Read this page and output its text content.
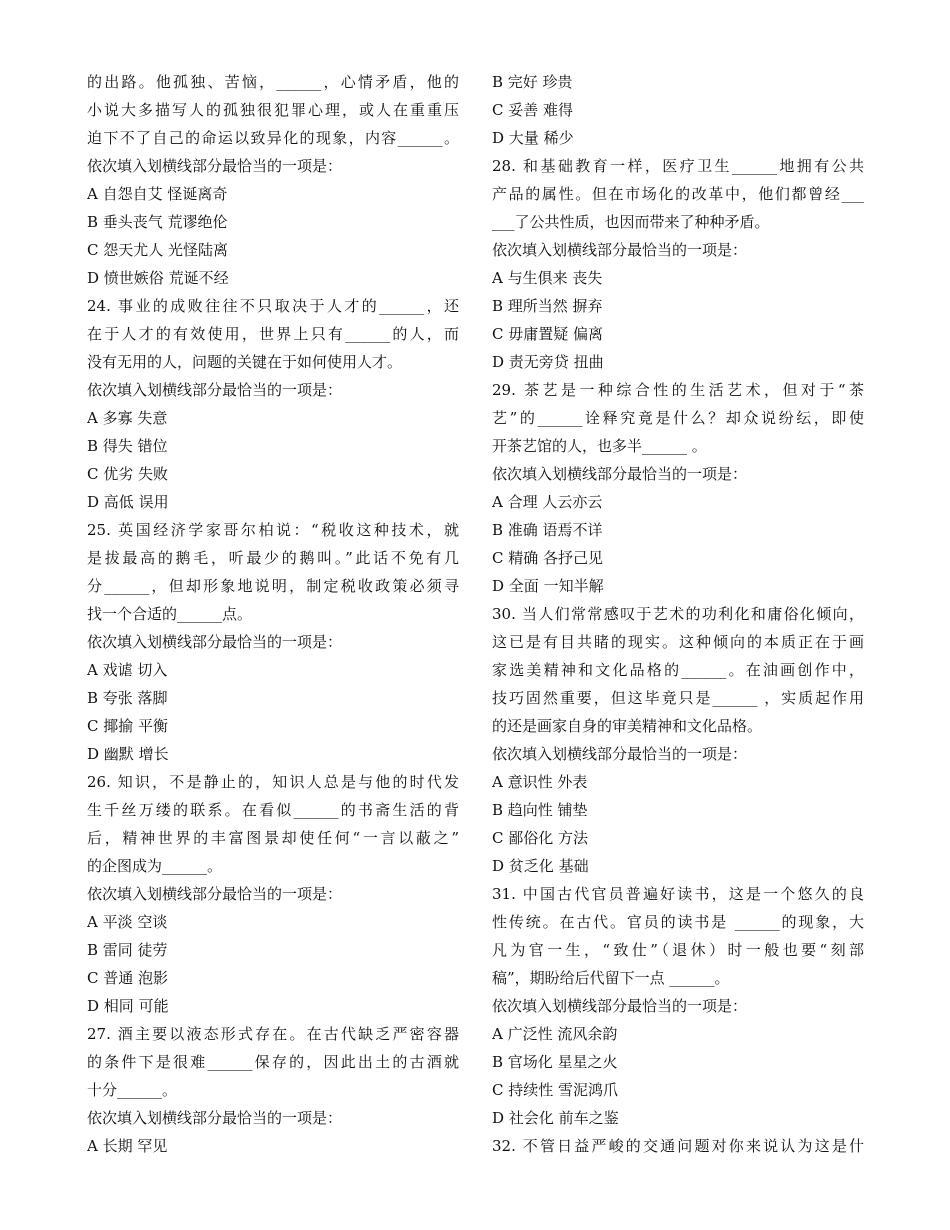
的出路。他孤独、苦恼，______，心情矛盾，他的
小说大多描写人的孤独很犯罪心理，或人在重重压
迫下不了自己的命运以致异化的现象，内容______。
依次填入划横线部分最恰当的一项是：
A 自怨自艾 怪诞离奇
B 垂头丧气 荒谬绝伦
C 怨天尤人 光怪陆离
D 愤世嫉俗 荒诞不经
24. 事业的成败往往不只取决于人才的______，还
在于人才的有效使用，世界上只有______的人，而
没有无用的人，问题的关键在于如何使用人才。
依次填入划横线部分最恰当的一项是：
A 多寡 失意
B 得失 错位
C 优劣 失败
D 高低 误用
25. 英国经济学家哥尔柏说：“税收这种技术，就
是拔最高的鹅毛，听最少的鹅叫。”此话不免有几
分______，但却形象地说明，制定税收政策必须寻
找一个合适的______点。
依次填入划横线部分最恰当的一项是：
A 戏谑 切入
B 夸张 落脚
C 揶揄 平衡
D 幽默 增长
26. 知识，不是静止的，知识人总是与他的时代发
生千丝万缕的联系。在看似______的书斋生活的背
后，精神世界的丰富图景却使任何“一言以蔽之”
的企图成为______。
依次填入划横线部分最恰当的一项是：
A 平淡 空谈
B 雷同 徒劳
C 普通 泡影
D 相同 可能
27. 酒主要以液态形式存在。在古代缺乏严密容器
的条件下是很难______保存的，因此出土的古酒就
十分______。
依次填入划横线部分最恰当的一项是：
A 长期 罕见
B 完好 珍贵
C 妥善 难得
D 大量 稀少
28. 和基础教育一样，医疗卫生______地拥有公共
产品的属性。但在市场化的改革中，他们都曾经___
___了公共性质，也因而带来了种种矛盾。
依次填入划横线部分最恰当的一项是：
A 与生俱来 丧失
B 理所当然 摒弃
C 毋庸置疑 偏离
D 责无旁贷 扭曲
29. 茶艺是一种综合性的生活艺术，但对于“茶
艺”的______诠释究竟是什么？却众说纷纭，即使
开茶艺馆的人，也多半______ 。
依次填入划横线部分最恰当的一项是：
A 合理 人云亦云
B 准确 语焉不详
C 精确 各抒己见
D 全面 一知半解
30. 当人们常常感叹于艺术的功利化和庸俗化倾向，
这已是有目共睹的现实。这种倾向的本质正在于画
家选美精神和文化品格的______。在油画创作中，
技巧固然重要，但这毕竟只是______ ，实质起作用
的还是画家自身的审美精神和文化品格。
依次填入划横线部分最恰当的一项是：
A 意识性 外表
B 趋向性 铺垫
C 鄙俗化 方法
D 贫乏化 基础
31. 中国古代官员普遍好读书，这是一个悠久的良
性传统。在古代。官员的读书是 ______的现象，大
凡为官一生，“致仕”（退休）时一般也要“刻部
稿”，期盼给后代留下一点 ______。
依次填入划横线部分最恰当的一项是：
A 广泛性 流风余韵
B 官场化 星星之火
C 持续性 雪泥鸿爪
D 社会化 前车之鉴
32. 不管日益严峻的交通问题对你来说认为这是什
